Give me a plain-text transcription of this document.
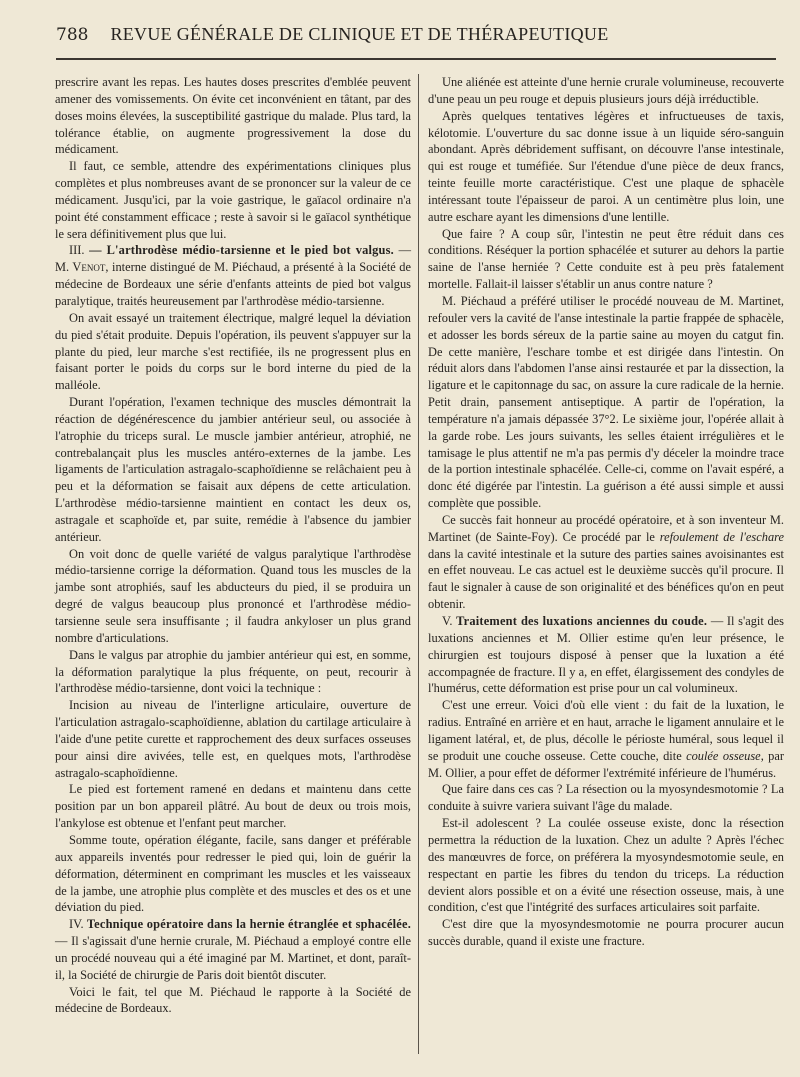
788 REVUE GÉNÉRALE DE CLINIQUE ET DE THÉRAPEUTIQUE

prescrire avant les repas. Les hautes doses prescrites d'emblée peuvent amener des vomissements. On évite cet inconvénient en tâtant, par des doses moins élevées, la susceptibilité gastrique du malade. Plus tard, la tolérance établie, on augmente progressivement la dose du médicament.

Il faut, ce semble, attendre des expérimentations cliniques plus complètes et plus nombreuses avant de se prononcer sur la valeur de ce médicament. Jusqu'ici, par la voie gastrique, le gaïacol ordinaire n'a point été constamment efficace ; reste à savoir si le gaïacol synthétique le sera définitivement plus que lui.

III. — L'arthrodèse médio-tarsienne et le pied bot valgus. — M. Venot, interne distingué de M. Piéchaud, a présenté à la Société de médecine de Bordeaux une série d'enfants atteints de pied bot valgus paralytique, traités heureusement par l'arthrodèse médio-tarsienne.

On avait essayé un traitement électrique, malgré lequel la déviation du pied s'était produite. Depuis l'opération, ils peuvent s'appuyer sur la plante du pied, leur marche s'est rectifiée, ils ne progressent plus en faisant porter le poids du corps sur le bord interne du pied de la malléole.

Durant l'opération, l'examen technique des muscles démontrait la réaction de dégénérescence du jambier antérieur seul, ou associée à l'atrophie du triceps sural. Le muscle jambier antérieur, atrophié, ne contrebalançait plus les muscles antéro-externes de la jambe. Les ligaments de l'articulation astragalo-scaphoïdienne se relâchaient peu à peu et la déformation se faisait aux dépens de cette articulation. L'arthrodèse médio-tarsienne maintient en contact les deux os, astragale et scaphoïde et, par suite, remédie à l'absence du jambier antérieur.

On voit donc de quelle variété de valgus paralytique l'arthrodèse médio-tarsienne corrige la déformation. Quand tous les muscles de la jambe sont atrophiés, sauf les abducteurs du pied, il se produira un degré de valgus beaucoup plus prononcé et l'arthrodèse médio-tarsienne seule sera insuffisante ; il faudra ankyloser un plus grand nombre d'articulations.

Dans le valgus par atrophie du jambier antérieur qui est, en somme, la déformation paralytique la plus fréquente, on peut, recourir à l'arthrodèse médio-tarsienne, dont voici la technique :

Incision au niveau de l'interligne articulaire, ouverture de l'articulation astragalo-scaphoïdienne, ablation du cartilage articulaire à l'aide d'une petite curette et rapprochement des deux surfaces osseuses pour ainsi dire avivées, telle est, en quelques mots, l'arthrodèse astragalo-scaphoïdienne.

Le pied est fortement ramené en dedans et maintenu dans cette position par un bon appareil plâtré. Au bout de deux ou trois mois, l'ankylose est obtenue et l'enfant peut marcher.

Somme toute, opération élégante, facile, sans danger et préférable aux appareils inventés pour redresser le pied qui, loin de guérir la déformation, déterminent en comprimant les muscles et les vaisseaux de la jambe, une atrophie plus complète et des muscles et des os et une déviation du pied.

IV. Technique opératoire dans la hernie étranglée et sphacélée. — Il s'agissait d'une hernie crurale, M. Piéchaud a employé contre elle un procédé nouveau qui a été imaginé par M. Martinet, et dont, paraît-il, la Société de chirurgie de Paris doit bientôt discuter.

Voici le fait, tel que M. Piéchaud le rapporte à la Société de médecine de Bordeaux.

Une aliénée est atteinte d'une hernie crurale volumineuse, recouverte d'une peau un peu rouge et depuis plusieurs jours déjà irréductible.

Après quelques tentatives légères et infructueuses de taxis, kélotomie. L'ouverture du sac donne issue à un liquide séro-sanguin abondant. Après débridement suffisant, on découvre l'anse intestinale, qui est rouge et tuméfiée. Sur l'étendue d'une pièce de deux francs, teinte feuille morte caractéristique. C'est une plaque de sphacèle intéressant toute l'épaisseur de paroi. A un centimètre plus loin, une autre eschare ayant les dimensions d'une lentille.

Que faire ? A coup sûr, l'intestin ne peut être réduit dans ces conditions. Réséquer la portion sphacélée et suturer au dehors la partie saine de l'anse herniée ? Cette conduite est à peu près fatalement mortelle. Fallait-il laisser s'établir un anus contre nature ?

M. Piéchaud a préféré utiliser le procédé nouveau de M. Martinet, refouler vers la cavité de l'anse intestinale la partie frappée de sphacèle, et adosser les bords séreux de la partie saine au moyen du catgut fin. De cette manière, l'eschare tombe et est dirigée dans l'intestin. On réduit alors dans l'abdomen l'anse ainsi restaurée et par la dissection, la ligature et le capitonnage du sac, on assure la cure radicale de la hernie. Petit drain, pansement antiseptique. A partir de l'opération, la température n'a jamais dépassée 37°2. Le sixième jour, l'opérée allait à la garde robe. Les jours suivants, les selles étaient irrégulières et le tamisage le plus attentif ne m'a pas permis d'y déceler la moindre trace de la portion intestinale sphacélée. Celle-ci, comme on l'avait espéré, a donc été digérée par l'intestin. La guérison a été aussi simple et aussi complète que possible.

Ce succès fait honneur au procédé opératoire, et à son inventeur M. Martinet (de Sainte-Foy). Ce procédé par le refoulement de l'eschare dans la cavité intestinale et la suture des parties saines avoisinantes est en effet nouveau. Le cas actuel est le deuxième succès qu'il procure. Il faut le signaler à cause de son originalité et des bénéfices qu'on en peut obtenir.

V. Traitement des luxations anciennes du coude. — Il s'agit des luxations anciennes et M. Ollier estime qu'en leur présence, le chirurgien est toujours disposé à penser que la luxation a été accompagnée de fracture. Il y a, en effet, élargissement des condyles de l'humérus, cette déformation est prise pour un cal volumineux.

C'est une erreur. Voici d'où elle vient : du fait de la luxation, le radius. Entraîné en arrière et en haut, arrache le ligament annulaire et le ligament latéral, et, de plus, décolle le périoste huméral, sous lequel il se produit une couche osseuse. Cette couche, dite coulée osseuse, par M. Ollier, a pour effet de déformer l'extrémité inférieure de l'humérus.

Que faire dans ces cas ? La résection ou la myosyndesmotomie ? La conduite à suivre variera suivant l'âge du malade.

Est-il adolescent ? La coulée osseuse existe, donc la résection permettra la réduction de la luxation. Chez un adulte ? Après l'échec des manœuvres de force, on préférera la myosyndesmotomie seule, en respectant en partie les fibres du tendon du triceps. La réduction devient alors possible et on a évité une résection osseuse, mais, à une condition, c'est que l'intégrité des surfaces articulaires soit parfaite.

C'est dire que la myosyndesmotomie ne pourra procurer aucun succès durable, quand il existe une fracture.
